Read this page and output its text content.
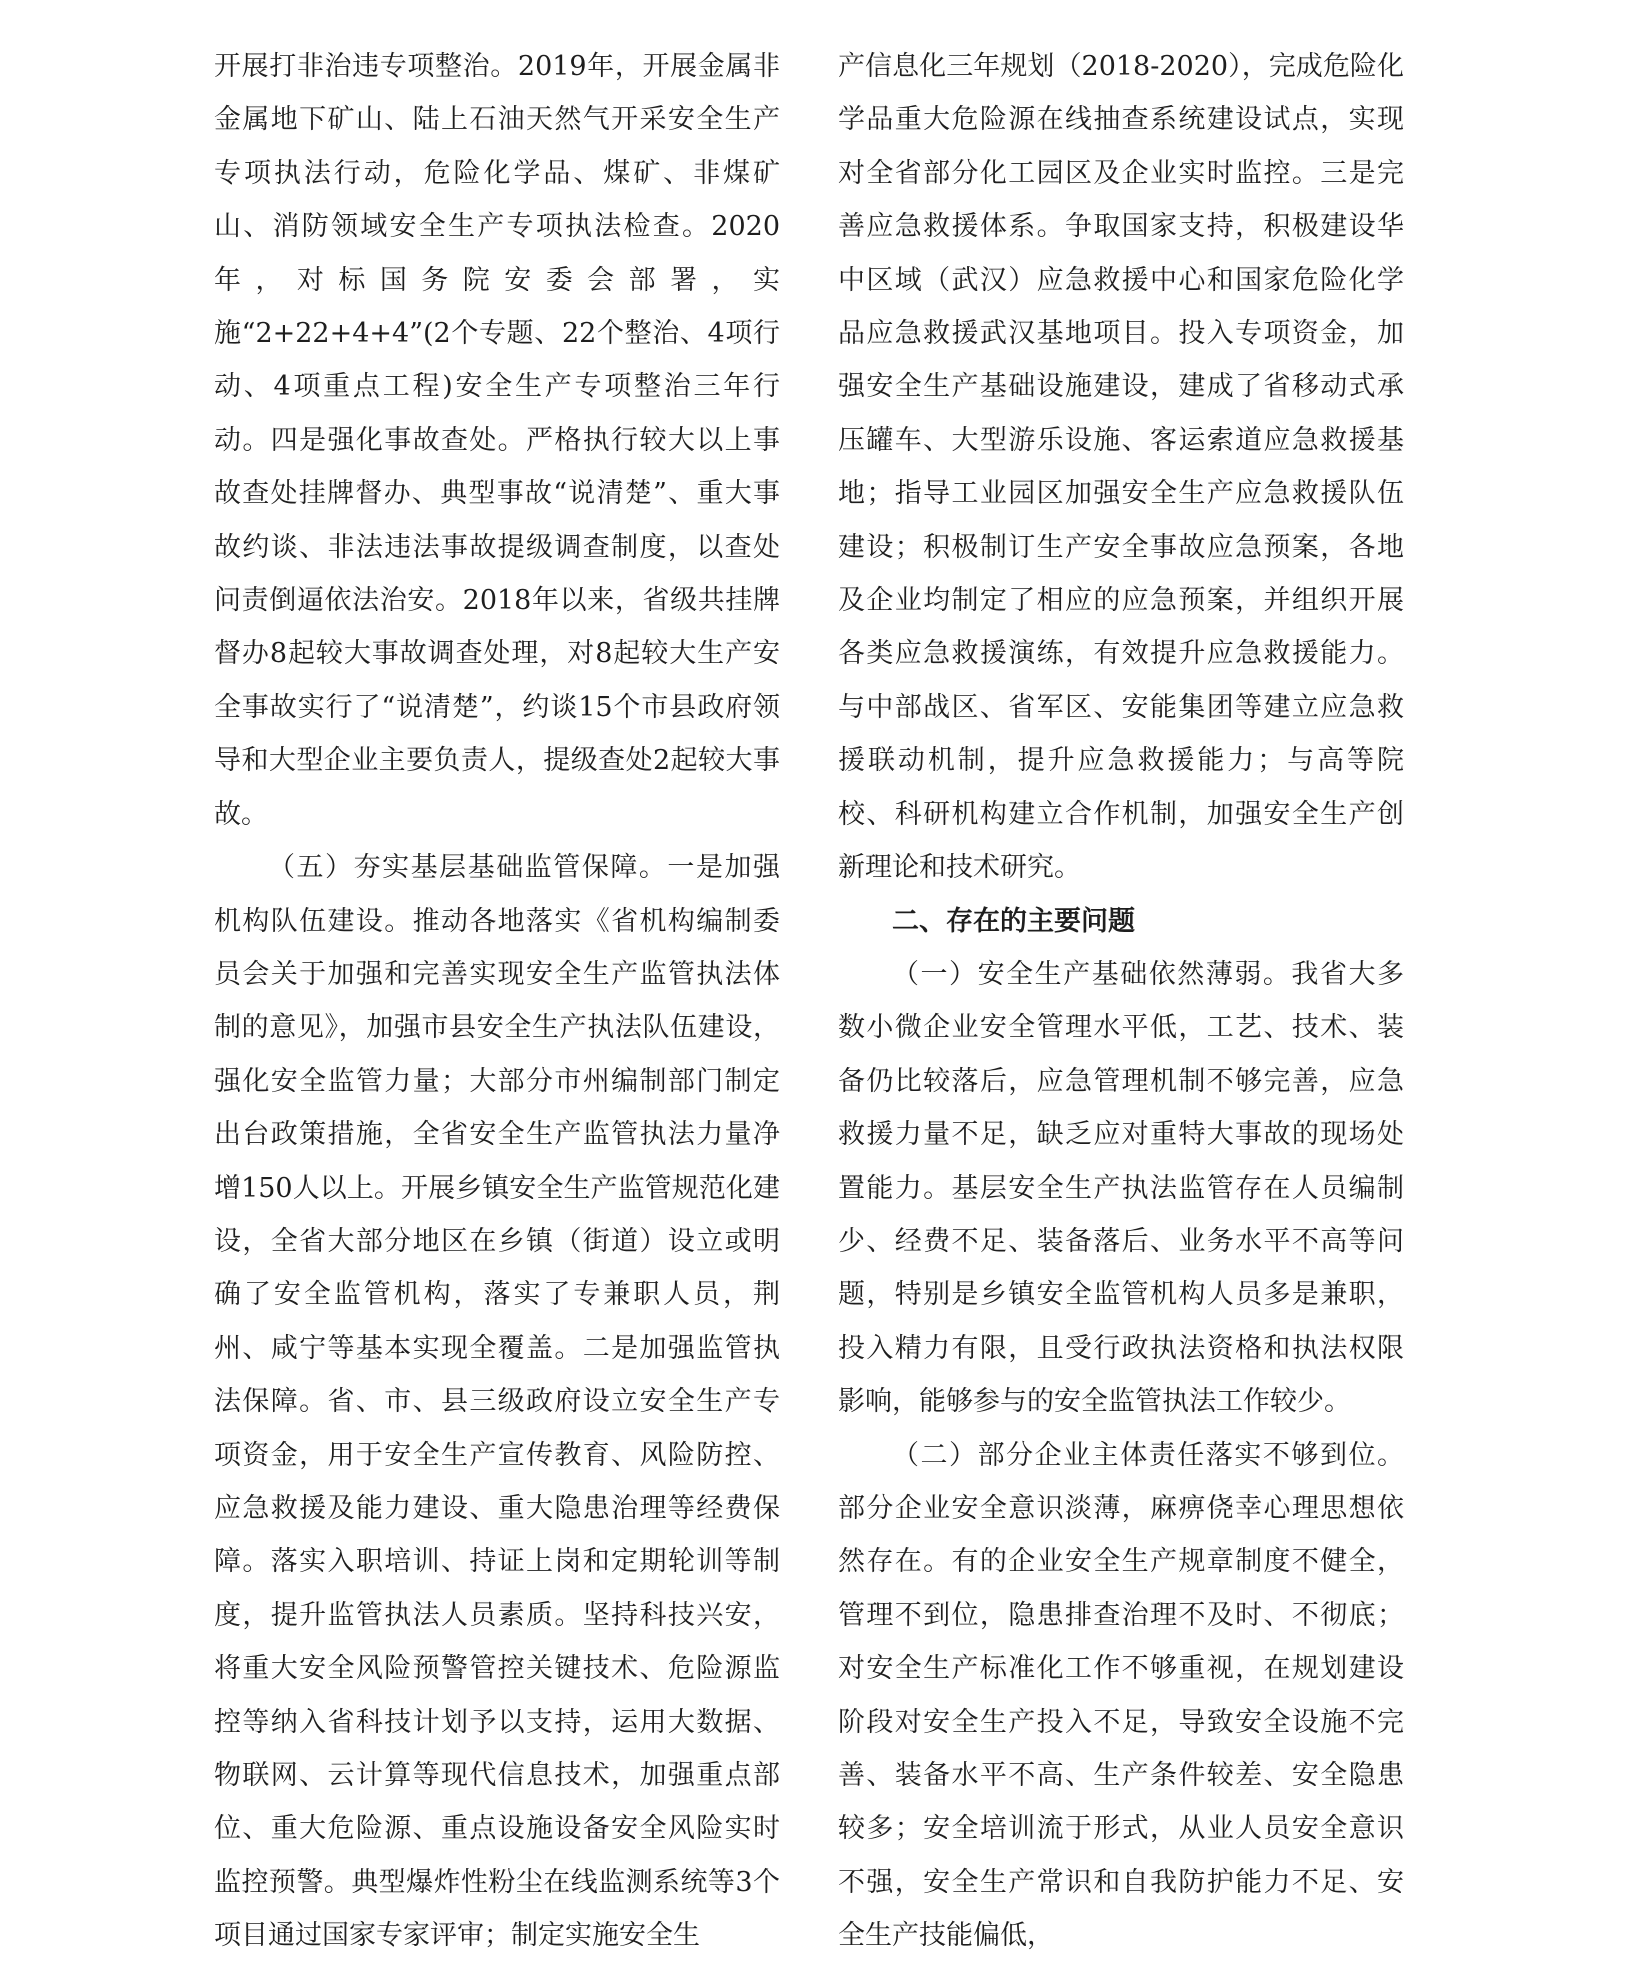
开展打非治违专项整治。2019年，开展金属非金属地下矿山、陆上石油天然气开采安全生产专项执法行动，危险化学品、煤矿、非煤矿山、消防领域安全生产专项执法检查。2020年，对标国务院安委会部署，实施“2+22+4+4”(2个专题、22个整治、4项行动、4项重点工程)安全生产专项整治三年行动。四是强化事故查处。严格执行较大以上事故查处挂牌督办、典型事故“说清楚”、重大事故约谈、非法违法事故提级调查制度，以查处问责倒逼依法治安。2018年以来，省级共挂牌督办8起较大事故调查处理，对8起较大生产安全事故实行了“说清楚”，约谈15个市县政府领导和大型企业主要负责人，提级查处2起较大事故。

（五）夯实基层基础监管保障。一是加强机构队伍建设。推动各地落实《省机构编制委员会关于加强和完善实现安全生产监管执法体制的意见》，加强市县安全生产执法队伍建设，强化安全监管力量；大部分市州编制部门制定出台政策措施，全省安全生产监管执法力量净增150人以上。开展乡镇安全生产监管规范化建设，全省大部分地区在乡镇（街道）设立或明确了安全监管机构，落实了专兼职人员，荆州、咸宁等基本实现全覆盖。二是加强监管执法保障。省、市、县三级政府设立安全生产专项资金，用于安全生产宣传教育、风险防控、应急救援及能力建设、重大隐患治理等经费保障。落实入职培训、持证上岗和定期轮训等制度，提升监管执法人员素质。坚持科技兴安，将重大安全风险预警管控关键技术、危险源监控等纳入省科技计划予以支持，运用大数据、物联网、云计算等现代信息技术，加强重点部位、重大危险源、重点设施设备安全风险实时监控预警。典型爆炸性粉尘在线监测系统等3个项目通过国家专家评审；制定实施安全生

产信息化三年规划（2018-2020），完成危险化学品重大危险源在线抽查系统建设试点，实现对全省部分化工园区及企业实时监控。三是完善应急救援体系。争取国家支持，积极建设华中区域（武汉）应急救援中心和国家危险化学品应急救援武汉基地项目。投入专项资金，加强安全生产基础设施建设，建成了省移动式承压罐车、大型游乐设施、客运索道应急救援基地；指导工业园区加强安全生产应急救援队伍建设；积极制订生产安全事故应急预案，各地及企业均制定了相应的应急预案，并组织开展各类应急救援演练，有效提升应急救援能力。与中部战区、省军区、安能集团等建立应急救援联动机制，提升应急救援能力；与高等院校、科研机构建立合作机制，加强安全生产创新理论和技术研究。

二、存在的主要问题

（一）安全生产基础依然薄弱。我省大多数小微企业安全管理水平低，工艺、技术、装备仍比较落后，应急管理机制不够完善，应急救援力量不足，缺乏应对重特大事故的现场处置能力。基层安全生产执法监管存在人员编制少、经费不足、装备落后、业务水平不高等问题，特别是乡镇安全监管机构人员多是兼职，投入精力有限，且受行政执法资格和执法权限影响，能够参与的安全监管执法工作较少。

（二）部分企业主体责任落实不够到位。部分企业安全意识淡薄，麻痹侥幸心理思想依然存在。有的企业安全生产规章制度不健全，管理不到位，隐患排查治理不及时、不彻底；对安全生产标准化工作不够重视，在规划建设阶段对安全生产投入不足，导致安全设施不完善、装备水平不高、生产条件较差、安全隐患较多；安全培训流于形式，从业人员安全意识不强，安全生产常识和自我防护能力不足、安全生产技能偏低，
